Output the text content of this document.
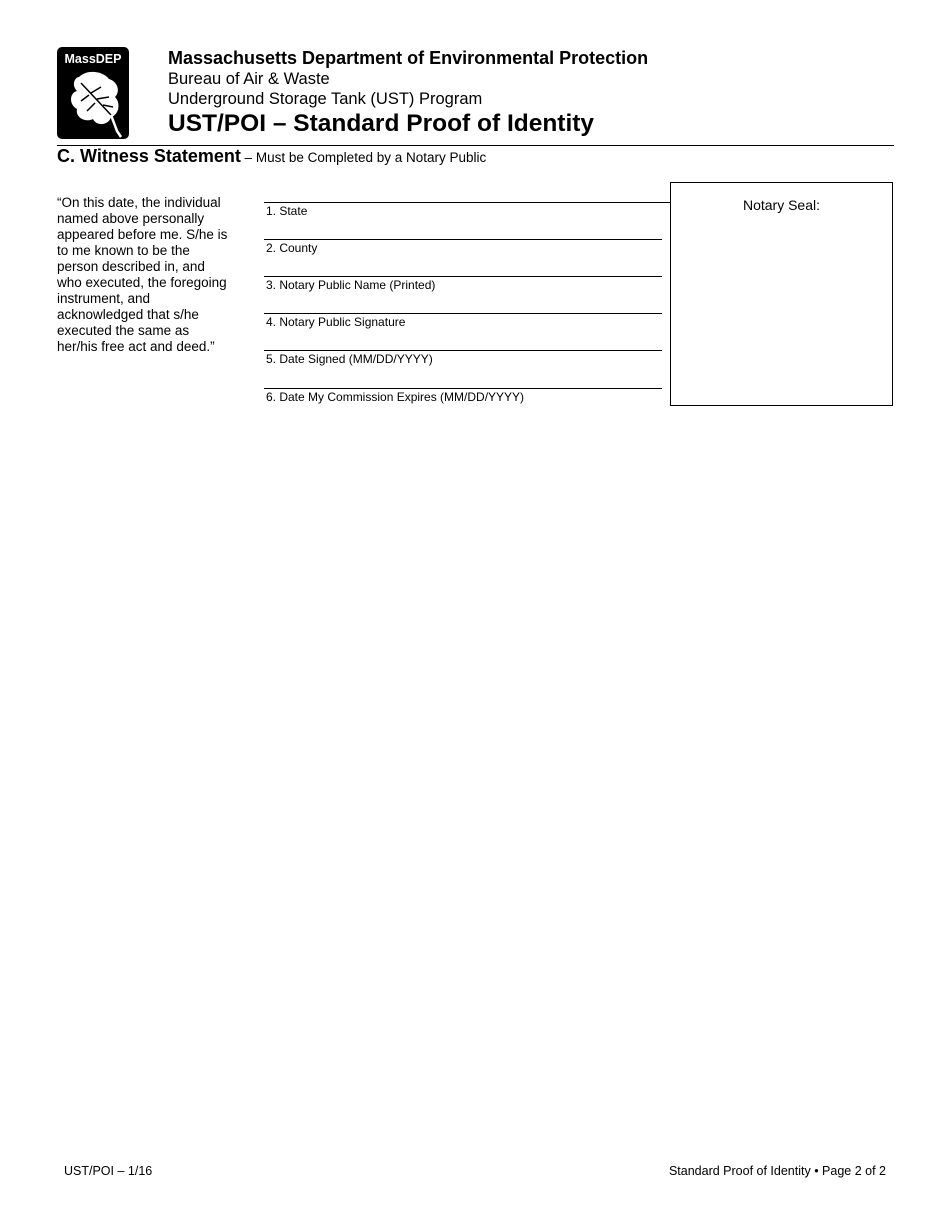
MassDEP	Massachusetts Department of Environmental Protection
Bureau of Air & Waste
Underground Storage Tank (UST) Program
UST/POI – Standard Proof of Identity
C. Witness Statement – Must be Completed by a Notary Public
“On this date, the individual named above personally appeared before me. S/he is to me known to be the person described in, and who executed, the foregoing instrument, and acknowledged that s/he executed the same as her/his free act and deed.”
1. State
2. County
3. Notary Public Name (Printed)
4. Notary Public Signature
5. Date Signed (MM/DD/YYYY)
6. Date My Commission Expires (MM/DD/YYYY)
Notary Seal:
UST/POI – 1/16	Standard Proof of Identity • Page 2 of 2
